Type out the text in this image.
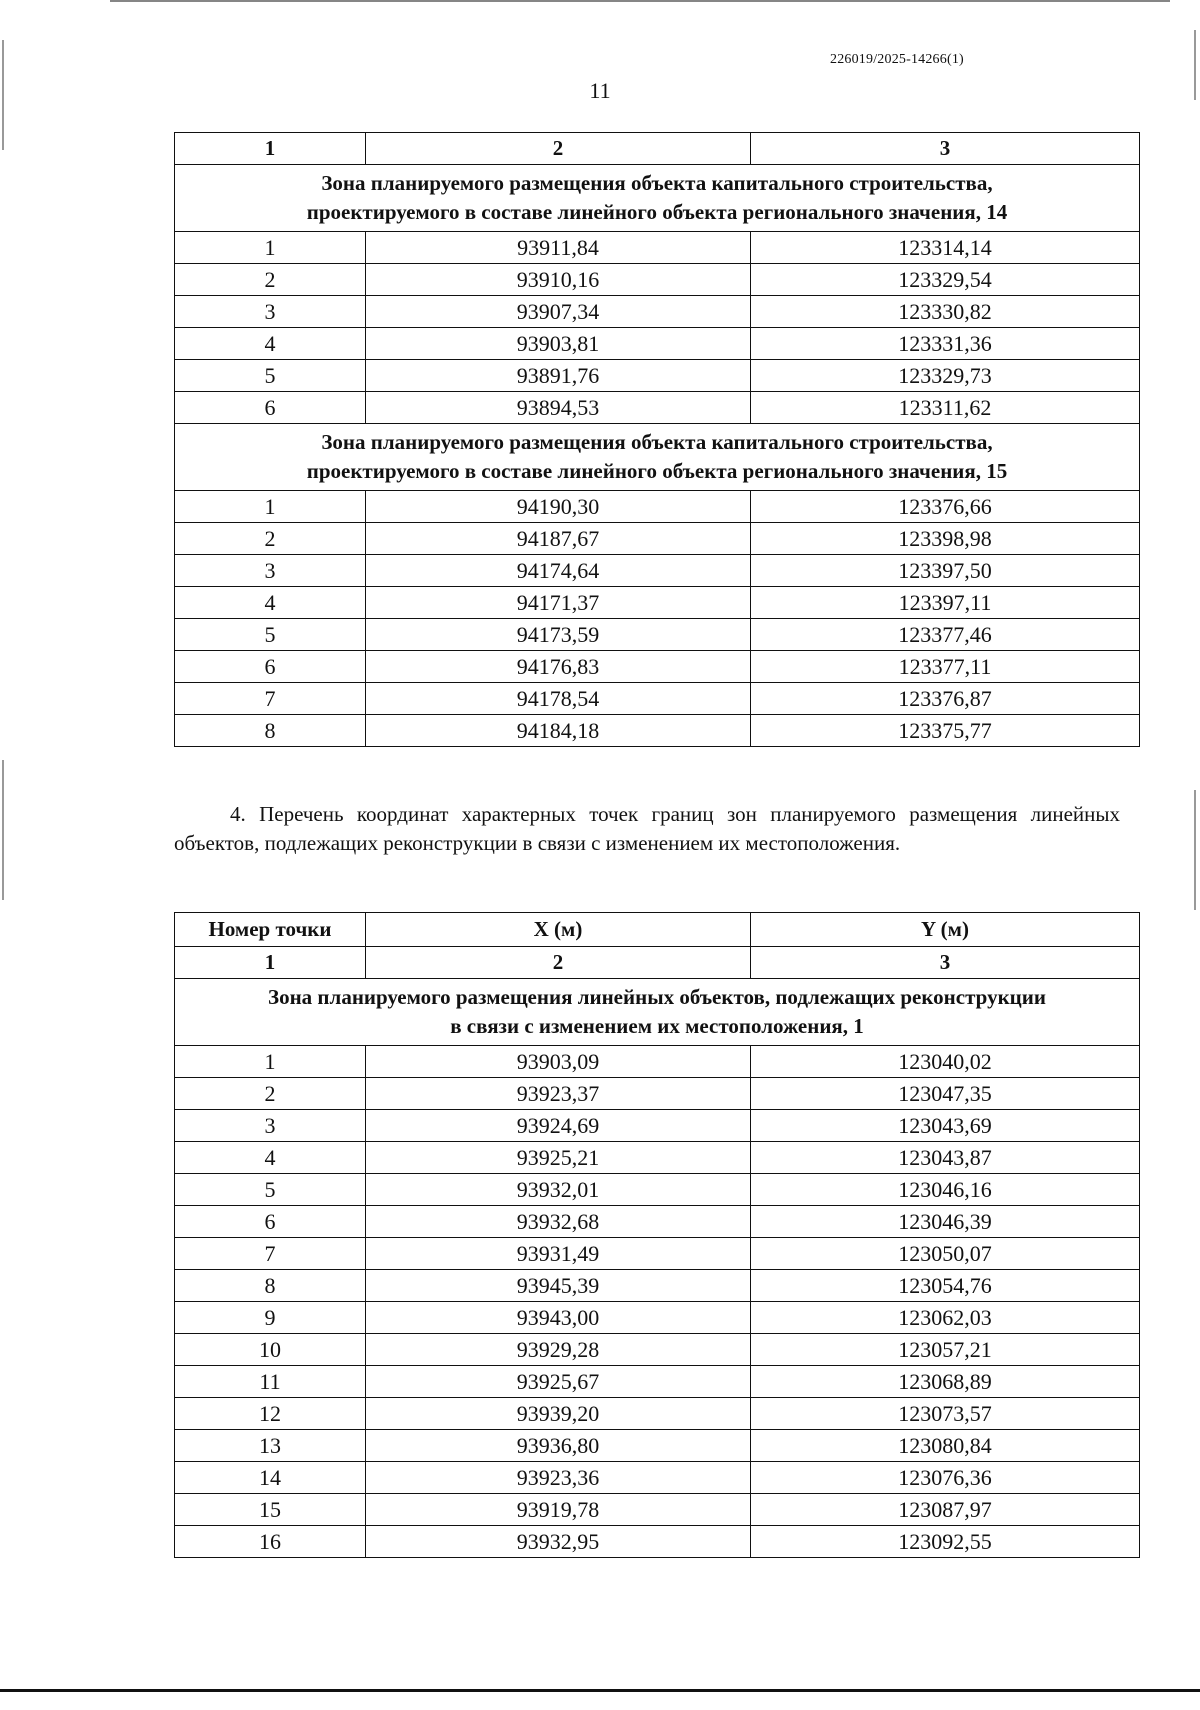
226019/2025-14266(1)
11
1	2	3

Зона планируемого размещения объекта капитального строительства,
проектируемого в составе линейного объекта регионального значения, 14		

1	93911,84	123314,14
2	93910,16	123329,54
3	93907,34	123330,82
4	93903,81	123331,36
5	93891,76	123329,73
6	93894,53	123311,62

Зона планируемого размещения объекта капитального строительства,
проектируемого в составе линейного объекта регионального значения, 15		

1	94190,30	123376,66
2	94187,67	123398,98
3	94174,64	123397,50
4	94171,37	123397,11
5	94173,59	123377,46
6	94176,83	123377,11
7	94178,54	123376,87
8	94184,18	123375,77
4. Перечень координат характерных точек границ зон планируемого размещения линейных объектов, подлежащих реконструкции в связи с изменением их местоположения.
Номер точки	X (м)	Y (м)
1	2	3

Зона планируемого размещения линейных объектов, подлежащих реконструкции
в связи с изменением их местоположения, 1		

1	93903,09	123040,02
2	93923,37	123047,35
3	93924,69	123043,69
4	93925,21	123043,87
5	93932,01	123046,16
6	93932,68	123046,39
7	93931,49	123050,07
8	93945,39	123054,76
9	93943,00	123062,03
10	93929,28	123057,21
11	93925,67	123068,89
12	93939,20	123073,57
13	93936,80	123080,84
14	93923,36	123076,36
15	93919,78	123087,97
16	93932,95	123092,55
